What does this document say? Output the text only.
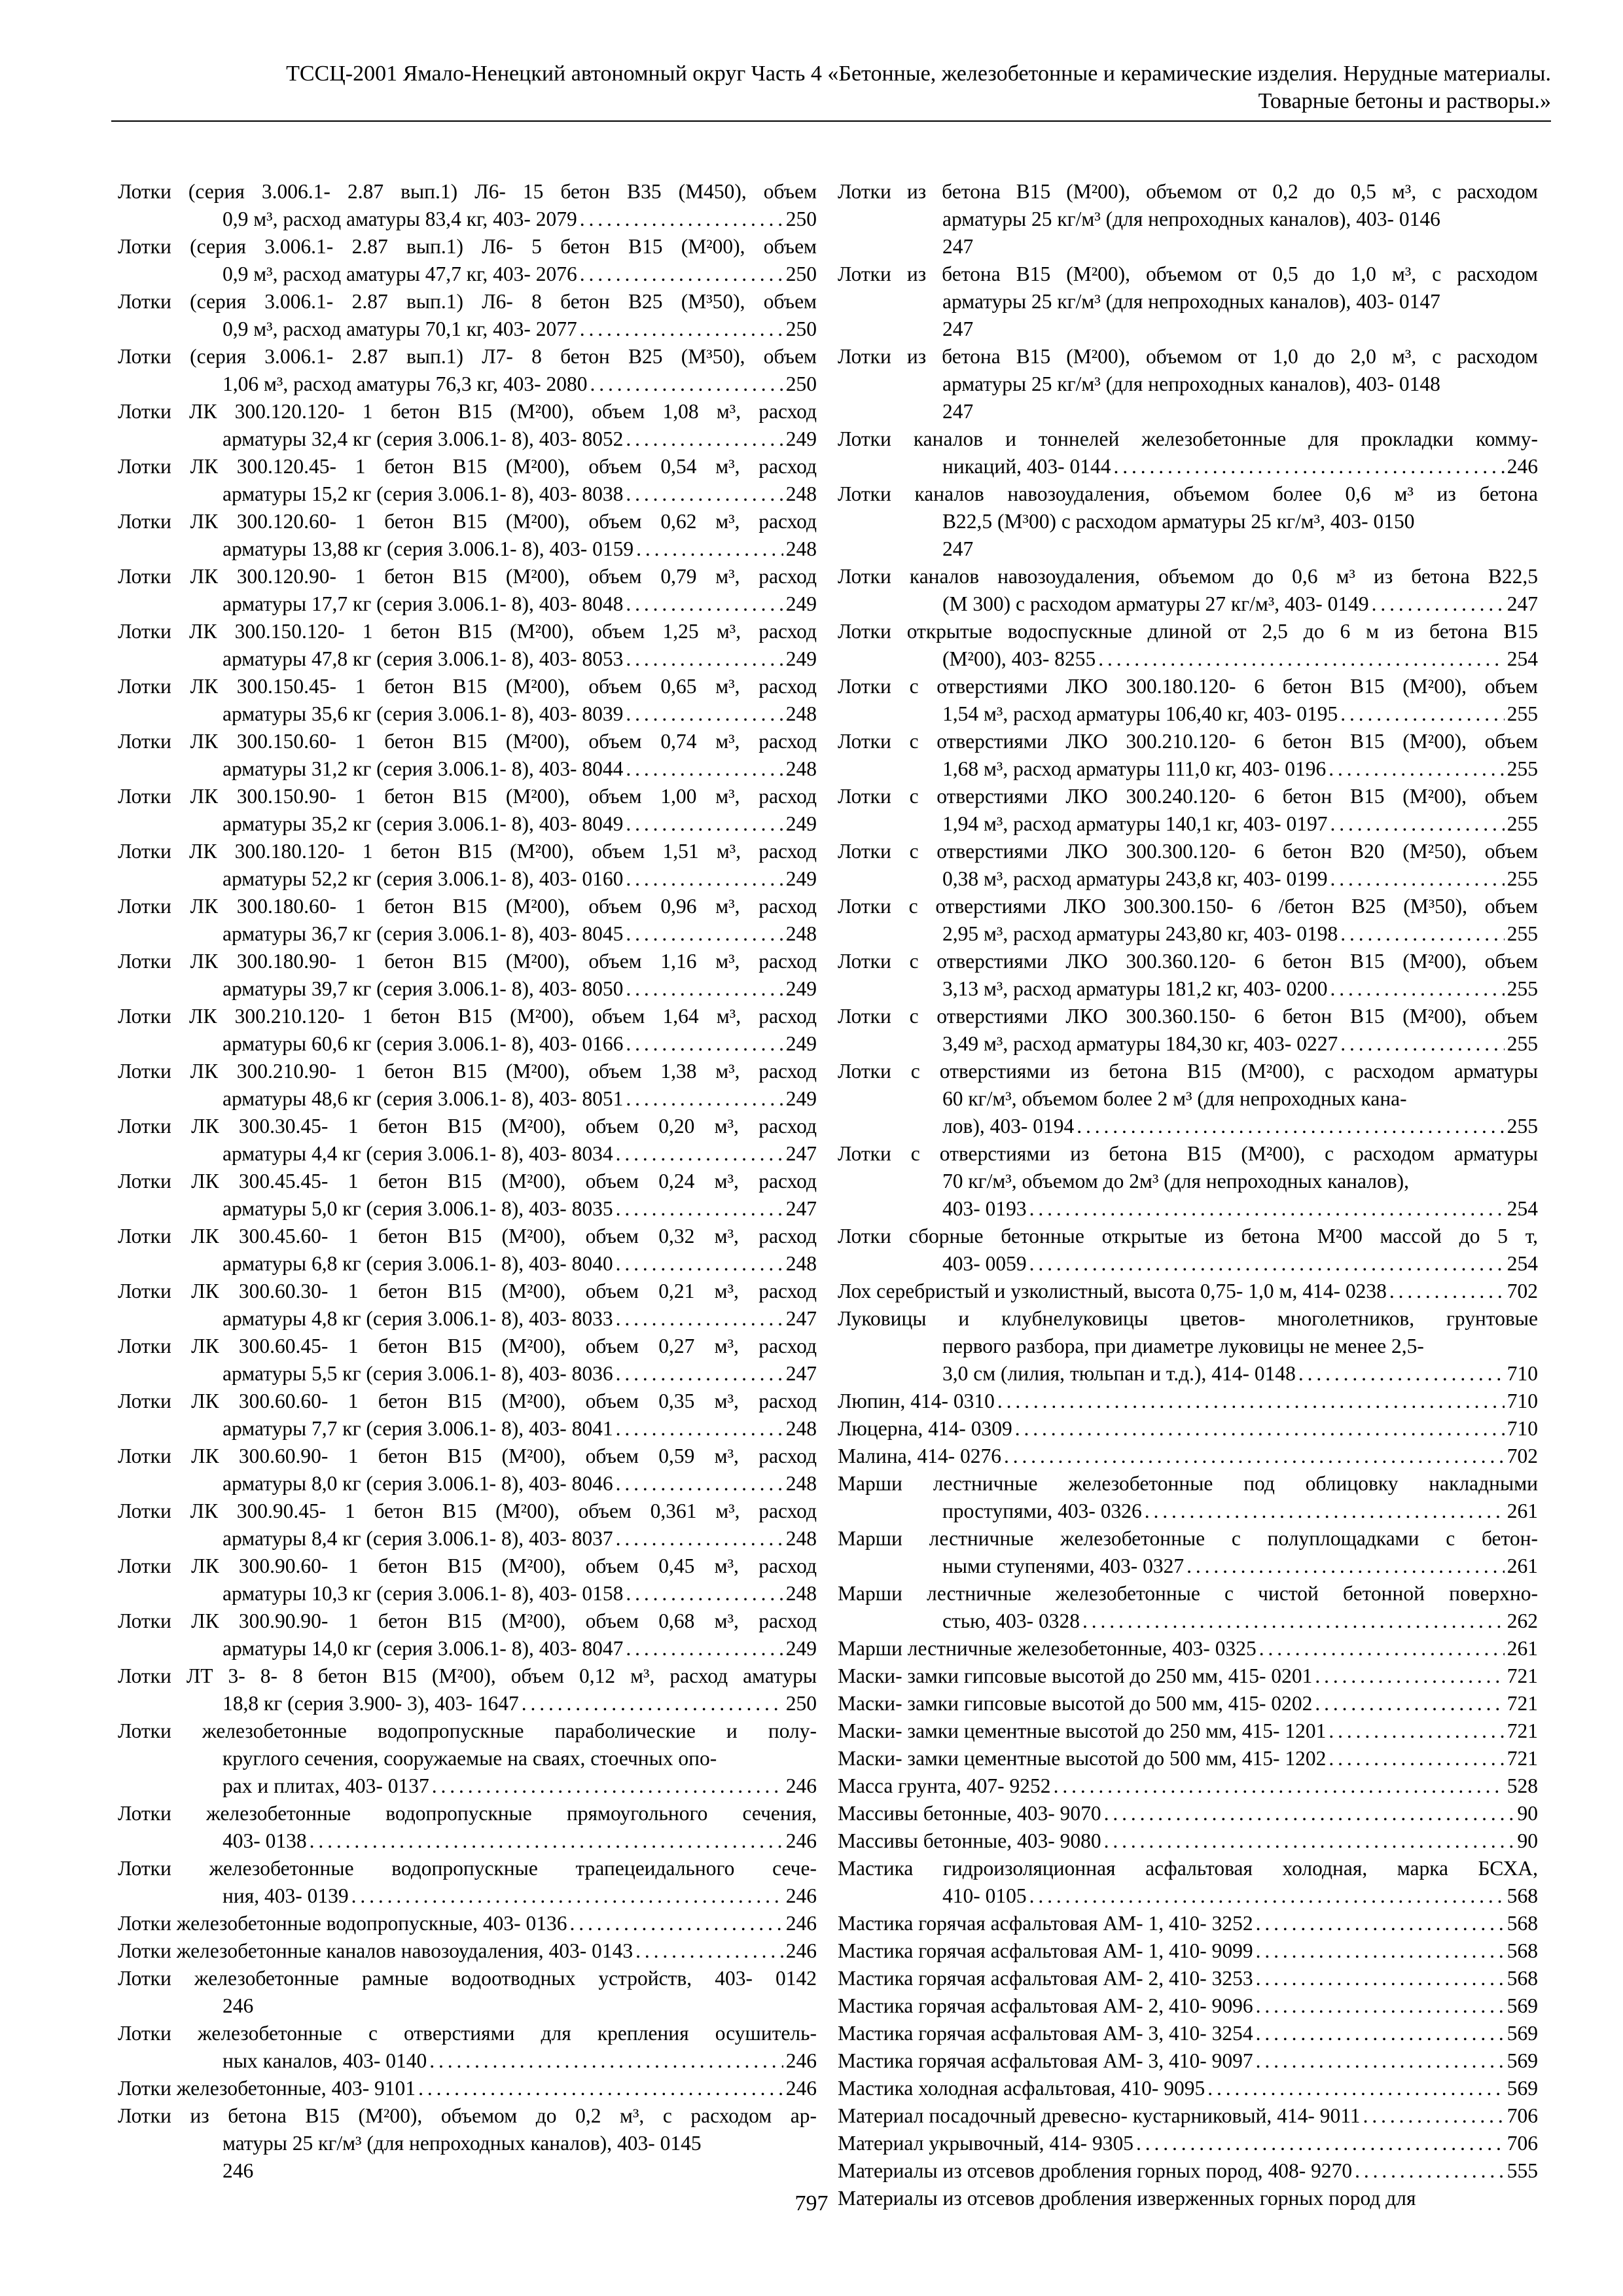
ТССЦ-2001 Ямало-Ненецкий автономный округ Часть 4 «Бетонные, железобетонные и керамические изделия. Нерудные материалы.
Товарные бетоны и растворы.»
Лотки (серия 3.006.1- 2.87 вып.1) Л6- 15 бетон В35 (М450), объем
0,9 м³, расход аматуры 83,4 кг, 403- 2079 . . .	250
Лотки (серия 3.006.1- 2.87 вып.1) Л6- 5 бетон В15 (М²00), объем
0,9 м³, расход аматуры 47,7 кг, 403- 2076 . . .	250
Лотки (серия 3.006.1- 2.87 вып.1) Л6- 8 бетон В25 (М³50), объем
0,9 м³, расход аматуры 70,1 кг, 403- 2077 . . .	250
Лотки (серия 3.006.1- 2.87 вып.1) Л7- 8 бетон В25 (М³50), объем
1,06 м³, расход аматуры 76,3 кг, 403- 2080 . . .	250
Лотки ЛК 300.120.120- 1 бетон В15 (М²00), объем 1,08 м³, расход
арматуры 32,4 кг (серия 3.006.1- 8), 403- 8052 . . .	249
Лотки ЛК 300.120.45- 1 бетон В15 (М²00), объем 0,54 м³, расход
арматуры 15,2 кг (серия 3.006.1- 8), 403- 8038 . . .	248
Лотки ЛК 300.120.60- 1 бетон В15 (М²00), объем 0,62 м³, расход
арматуры 13,88 кг (серия 3.006.1- 8), 403- 0159 . . .	248
Лотки ЛК 300.120.90- 1 бетон В15 (М²00), объем 0,79 м³, расход
арматуры 17,7 кг (серия 3.006.1- 8), 403- 8048 . . .	249
Лотки ЛК 300.150.120- 1 бетон В15 (М²00), объем 1,25 м³, расход
арматуры 47,8 кг (серия 3.006.1- 8), 403- 8053 . . .	249
Лотки ЛК 300.150.45- 1 бетон В15 (М²00), объем 0,65 м³, расход
арматуры 35,6 кг (серия 3.006.1- 8), 403- 8039 . . .	248
Лотки ЛК 300.150.60- 1 бетон В15 (М²00), объем 0,74 м³, расход
арматуры 31,2 кг (серия 3.006.1- 8), 403- 8044 . . .	248
Лотки ЛК 300.150.90- 1 бетон В15 (М²00), объем 1,00 м³, расход
арматуры 35,2 кг (серия 3.006.1- 8), 403- 8049 . . .	249
Лотки ЛК 300.180.120- 1 бетон В15 (М²00), объем 1,51 м³, расход
арматуры 52,2 кг (серия 3.006.1- 8), 403- 0160 . . .	249
Лотки ЛК 300.180.60- 1 бетон В15 (М²00), объем 0,96 м³, расход
арматуры 36,7 кг (серия 3.006.1- 8), 403- 8045 . . .	248
Лотки ЛК 300.180.90- 1 бетон В15 (М²00), объем 1,16 м³, расход
арматуры 39,7 кг (серия 3.006.1- 8), 403- 8050 . . .	249
Лотки ЛК 300.210.120- 1 бетон В15 (М²00), объем 1,64 м³, расход
арматуры 60,6 кг (серия 3.006.1- 8), 403- 0166 . . .	249
Лотки ЛК 300.210.90- 1 бетон В15 (М²00), объем 1,38 м³, расход
арматуры 48,6 кг (серия 3.006.1- 8), 403- 8051 . . .	249
Лотки ЛК 300.30.45- 1 бетон В15 (М²00), объем 0,20 м³, расход
арматуры 4,4 кг (серия 3.006.1- 8), 403- 8034 . . .	247
Лотки ЛК 300.45.45- 1 бетон В15 (М²00), объем 0,24 м³, расход
арматуры 5,0 кг (серия 3.006.1- 8), 403- 8035 . . .	247
Лотки ЛК 300.45.60- 1 бетон В15 (М²00), объем 0,32 м³, расход
арматуры 6,8 кг (серия 3.006.1- 8), 403- 8040 . . .	248
Лотки ЛК 300.60.30- 1 бетон В15 (М²00), объем 0,21 м³, расход
арматуры 4,8 кг (серия 3.006.1- 8), 403- 8033 . . .	247
Лотки ЛК 300.60.45- 1 бетон В15 (М²00), объем 0,27 м³, расход
арматуры 5,5 кг (серия 3.006.1- 8), 403- 8036 . . .	247
Лотки ЛК 300.60.60- 1 бетон В15 (М²00), объем 0,35 м³, расход
арматуры 7,7 кг (серия 3.006.1- 8), 403- 8041 . . .	248
Лотки ЛК 300.60.90- 1 бетон В15 (М²00), объем 0,59 м³, расход
арматуры 8,0 кг (серия 3.006.1- 8), 403- 8046 . . .	248
Лотки ЛК 300.90.45- 1 бетон В15 (М²00), объем 0,361 м³, расход
арматуры 8,4 кг (серия 3.006.1- 8), 403- 8037 . . .	248
Лотки ЛК 300.90.60- 1 бетон В15 (М²00), объем 0,45 м³, расход
арматуры 10,3 кг (серия 3.006.1- 8), 403- 0158 . . .	248
Лотки ЛК 300.90.90- 1 бетон В15 (М²00), объем 0,68 м³, расход
арматуры 14,0 кг (серия 3.006.1- 8), 403- 8047 . . .	249
Лотки ЛТ 3- 8- 8 бетон В15 (М²00), объем 0,12 м³, расход аматуры
18,8 кг (серия 3.900- 3), 403- 1647 . . .	250
Лотки железобетонные водопропускные параболические и полу-
круглого сечения, сооружаемые на сваях, стоечных опо-
рах и плитах, 403- 0137 . . .	246
Лотки железобетонные водопропускные прямоугольного сечения,
403- 0138 . . .	246
Лотки железобетонные водопропускные трапецеидального сече-
ния, 403- 0139 . . .	246
Лотки железобетонные водопропускные, 403- 0136 . . .	246
Лотки железобетонные каналов навозоудаления, 403- 0143 . . .	246
Лотки железобетонные рамные водоотводных устройств, 403- 0142
246
Лотки железобетонные с отверстиями для крепления осушитель-
ных каналов, 403- 0140 . . .	246
Лотки железобетонные, 403- 9101 . . .	246
Лотки из бетона В15 (М²00), объемом до 0,2 м³, с расходом ар-
матуры 25 кг/м³ (для непроходных каналов), 403- 0145
246
Лотки из бетона В15 (М²00), объемом от 0,2 до 0,5 м³, с расходом
арматуры 25 кг/м³ (для непроходных каналов), 403- 0146
247
Лотки из бетона В15 (М²00), объемом от 0,5 до 1,0 м³, с расходом
арматуры 25 кг/м³ (для непроходных каналов), 403- 0147
247
Лотки из бетона В15 (М²00), объемом от 1,0 до 2,0 м³, с расходом
арматуры 25 кг/м³ (для непроходных каналов), 403- 0148
247
Лотки каналов и тоннелей железобетонные для прокладки комму-
никаций, 403- 0144 . . .	246
Лотки каналов навозоудаления, объемом более 0,6 м³ из бетона
В22,5 (М³00) с расходом арматуры 25 кг/м³, 403- 0150
247
Лотки каналов навозоудаления, объемом до 0,6 м³ из бетона В22,5
(М 300) с расходом арматуры 27 кг/м³, 403- 0149 . . .	247
Лотки открытые водоспускные длиной от 2,5 до 6 м из бетона В15
(М²00), 403- 8255 . . .	254
Лотки с отверстиями ЛКО 300.180.120- 6 бетон В15 (М²00), объем
1,54 м³, расход арматуры 106,40 кг, 403- 0195 . . .	255
Лотки с отверстиями ЛКО 300.210.120- 6 бетон В15 (М²00), объем
1,68 м³, расход арматуры 111,0 кг, 403- 0196 . . .	255
Лотки с отверстиями ЛКО 300.240.120- 6 бетон В15 (М²00), объем
1,94 м³, расход арматуры 140,1 кг, 403- 0197 . . .	255
Лотки с отверстиями ЛКО 300.300.120- 6 бетон В20 (М²50), объем
0,38 м³, расход арматуры 243,8 кг, 403- 0199 . . .	255
Лотки с отверстиями ЛКО 300.300.150- 6 /бетон В25 (М³50), объем
2,95 м³, расход арматуры 243,80 кг, 403- 0198 . . .	255
Лотки с отверстиями ЛКО 300.360.120- 6 бетон В15 (М²00), объем
3,13 м³, расход арматуры 181,2 кг, 403- 0200 . . .	255
Лотки с отверстиями ЛКО 300.360.150- 6 бетон В15 (М²00), объем
3,49 м³, расход арматуры 184,30 кг, 403- 0227 . . .	255
Лотки с отверстиями из бетона В15 (М²00), с расходом арматуры
60 кг/м³, объемом более 2 м³ (для непроходных кана-
лов), 403- 0194 . . .	255
Лотки с отверстиями из бетона В15 (М²00), с расходом арматуры
70 кг/м³, объемом до 2м³ (для непроходных каналов),
403- 0193 . . .	254
Лотки сборные бетонные открытые из бетона М²00 массой до 5 т,
403- 0059 . . .	254
Лох серебристый и узколистный, высота 0,75- 1,0 м, 414- 0238 . . .	702
Луковицы и клубнелуковицы цветов- многолетников, грунтовые
первого разбора, при диаметре луковицы не менее 2,5-
3,0 см (лилия, тюльпан и т.д.), 414- 0148 . . .	710
Люпин, 414- 0310 . . .	710
Люцерна, 414- 0309 . . .	710
Малина, 414- 0276 . . .	702
Марши лестничные железобетонные под облицовку накладными
проступями, 403- 0326 . . .	261
Марши лестничные железобетонные с полуплощадками с бетон-
ными ступенями, 403- 0327 . . .	261
Марши лестничные железобетонные с чистой бетонной поверхно-
стью, 403- 0328 . . .	262
Марши лестничные железобетонные, 403- 0325 . . .	261
Маски- замки гипсовые высотой до 250 мм, 415- 0201 . . .	721
Маски- замки гипсовые высотой до 500 мм, 415- 0202 . . .	721
Маски- замки цементные высотой до 250 мм, 415- 1201 . . .	721
Маски- замки цементные высотой до 500 мм, 415- 1202 . . .	721
Масса грунта, 407- 9252 . . .	528
Массивы бетонные, 403- 9070 . . .	90
Массивы бетонные, 403- 9080 . . .	90
Мастика гидроизоляционная асфальтовая холодная, марка БСХА,
410- 0105 . . .	568
Мастика горячая асфальтовая АМ- 1, 410- 3252 . . .	568
Мастика горячая асфальтовая АМ- 1, 410- 9099 . . .	568
Мастика горячая асфальтовая АМ- 2, 410- 3253 . . .	568
Мастика горячая асфальтовая АМ- 2, 410- 9096 . . .	569
Мастика горячая асфальтовая АМ- 3, 410- 3254 . . .	569
Мастика горячая асфальтовая АМ- 3, 410- 9097 . . .	569
Мастика холодная асфальтовая, 410- 9095 . . .	569
Материал посадочный древесно- кустарниковый, 414- 9011 . . .	706
Материал укрывочный, 414- 9305 . . .	706
Материалы из отсевов дробления горных пород, 408- 9270 . . .	555
Материалы из отсевов дробления изверженных горных пород для
797
